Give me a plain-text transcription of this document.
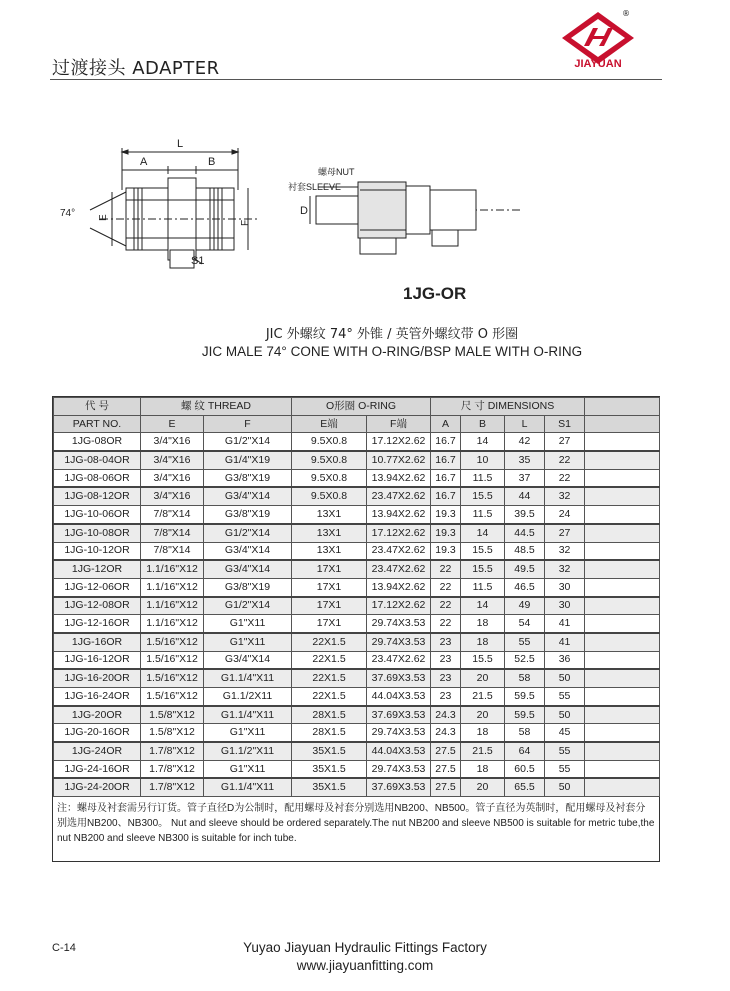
过渡接头 ADAPTER
®
JIAYUAN
A
L
B
74° E
F
S1
螺母NUT
衬套SLEEVE
D
1JG-OR
JIC 外螺纹 74° 外锥 / 英管外螺纹带 O 形圈
JIC MALE 74° CONE WITH O-RING/BSP MALE WITH O-RING
代 号	螺 纹 THREAD		O形圈 O-RING		尺 寸 DIMENSIONS				
PART NO.	E	F	E端	F端	A	B	L	S1	
1JG-08OR	3/4"X16	G1/2"X14	9.5X0.8	17.12X2.62	16.7	14	42	27	
1JG-08-04OR	3/4"X16	G1/4"X19	9.5X0.8	10.77X2.62	16.7	10	35	22	
1JG-08-06OR	3/4"X16	G3/8"X19	9.5X0.8	13.94X2.62	16.7	11.5	37	22	
1JG-08-12OR	3/4"X16	G3/4"X14	9.5X0.8	23.47X2.62	16.7	15.5	44	32	
1JG-10-06OR	7/8"X14	G3/8"X19	13X1	13.94X2.62	19.3	11.5	39.5	24	
1JG-10-08OR	7/8"X14	G1/2"X14	13X1	17.12X2.62	19.3	14	44.5	27	
1JG-10-12OR	7/8"X14	G3/4"X14	13X1	23.47X2.62	19.3	15.5	48.5	32	
1JG-12OR	1.1/16"X12	G3/4"X14	17X1	23.47X2.62	22	15.5	49.5	32	
1JG-12-06OR	1.1/16"X12	G3/8"X19	17X1	13.94X2.62	22	11.5	46.5	30	
1JG-12-08OR	1.1/16"X12	G1/2"X14	17X1	17.12X2.62	22	14	49	30	
1JG-12-16OR	1.1/16"X12	G1"X11	17X1	29.74X3.53	22	18	54	41	
1JG-16OR	1.5/16"X12	G1"X11	22X1.5	29.74X3.53	23	18	55	41	
1JG-16-12OR	1.5/16"X12	G3/4"X14	22X1.5	23.47X2.62	23	15.5	52.5	36	
1JG-16-20OR	1.5/16"X12	G1.1/4"X11	22X1.5	37.69X3.53	23	20	58	50	
1JG-16-24OR	1.5/16"X12	G1.1/2X11	22X1.5	44.04X3.53	23	21.5	59.5	55	
1JG-20OR	1.5/8"X12	G1.1/4"X11	28X1.5	37.69X3.53	24.3	20	59.5	50	
1JG-20-16OR	1.5/8"X12	G1"X11	28X1.5	29.74X3.53	24.3	18	58	45	
1JG-24OR	1.7/8"X12	G1.1/2"X11	35X1.5	44.04X3.53	27.5	21.5	64	55	
1JG-24-16OR	1.7/8"X12	G1"X11	35X1.5	29.74X3.53	27.5	18	60.5	55	
1JG-24-20OR	1.7/8"X12	G1.1/4"X11	35X1.5	37.69X3.53	27.5	20	65.5	50	
注：螺母及衬套需另行订货。管子直径D为公制时，配用螺母及衬套分别选用NB200、NB500。管子直径为英制时，配用螺母及衬套分别选用NB200、NB300。 Nut and sleeve should be ordered separately.The nut NB200 and sleeve NB500 is suitable for metric tube,the nut NB200 and sleeve NB300 is suitable for inch tube.
C-14	Yuyao Jiayuan Hydraulic Fittings Factory
www.jiayuanfitting.com
